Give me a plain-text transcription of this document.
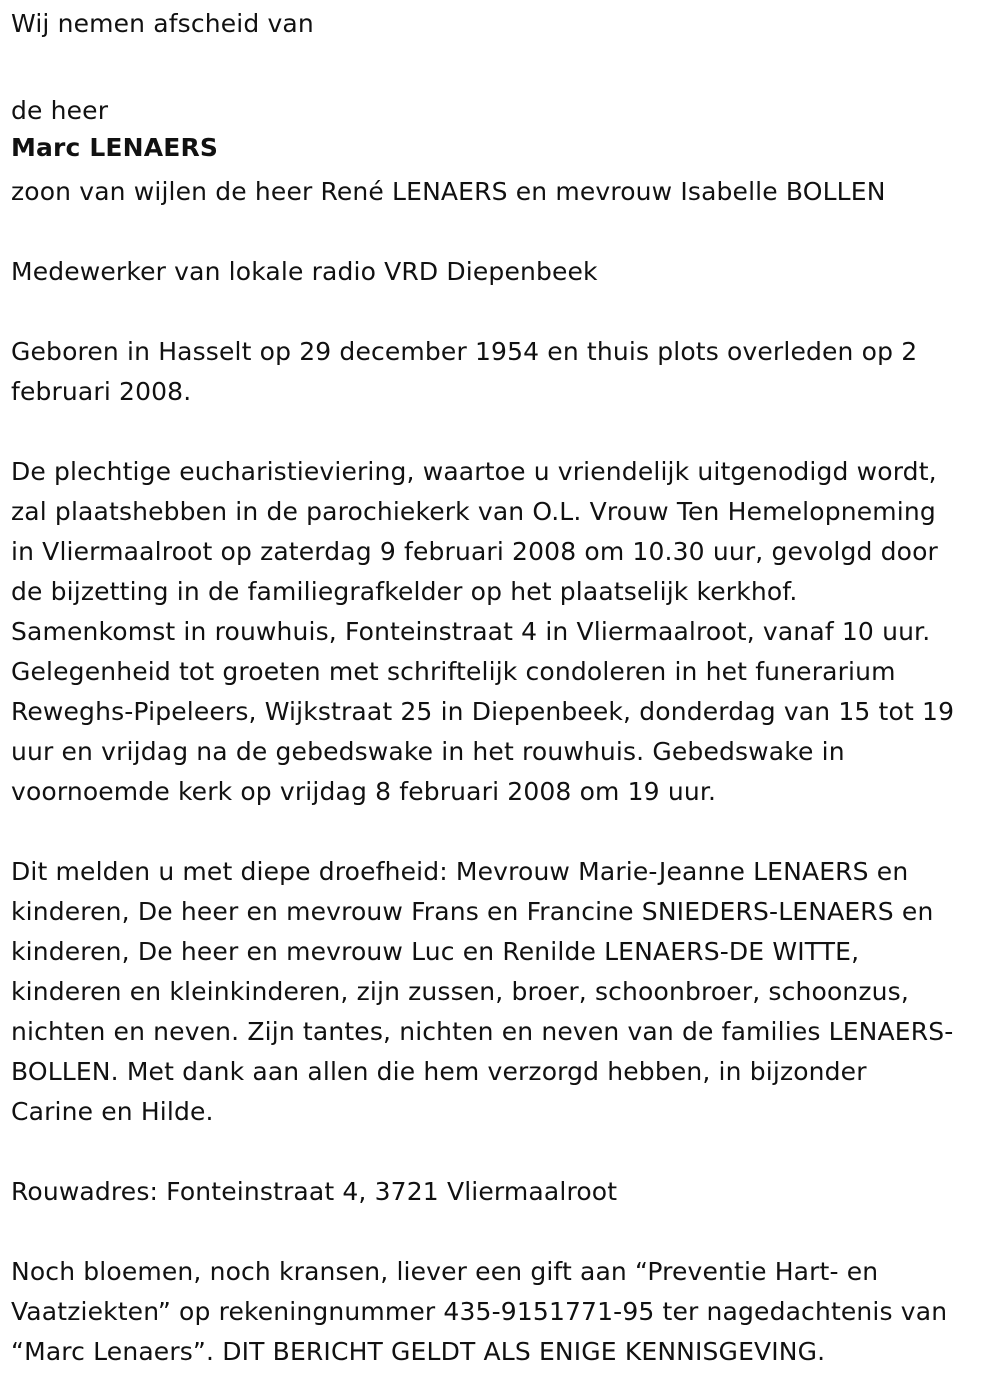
Wij nemen afscheid van
de heer
Marc LENAERS
zoon van wijlen de heer René LENAERS en mevrouw Isabelle BOLLEN
Medewerker van lokale radio VRD Diepenbeek
Geboren in Hasselt op 29 december 1954 en thuis plots overleden op 2
februari 2008.
De plechtige eucharistieviering, waartoe u vriendelijk uitgenodigd wordt,
zal plaatshebben in de parochiekerk van O.L. Vrouw Ten Hemelopneming
in Vliermaalroot op zaterdag 9 februari 2008 om 10.30 uur, gevolgd door
de bijzetting in de familiegrafkelder op het plaatselijk kerkhof.
Samenkomst in rouwhuis, Fonteinstraat 4 in Vliermaalroot, vanaf 10 uur.
Gelegenheid tot groeten met schriftelijk condoleren in het funerarium
Reweghs-Pipeleers, Wijkstraat 25 in Diepenbeek, donderdag van 15 tot 19
uur en vrijdag na de gebedswake in het rouwhuis. Gebedswake in
voornoemde kerk op vrijdag 8 februari 2008 om 19 uur.
Dit melden u met diepe droefheid: Mevrouw Marie-Jeanne LENAERS en
kinderen, De heer en mevrouw Frans en Francine SNIEDERS-LENAERS en
kinderen, De heer en mevrouw Luc en Renilde LENAERS-DE WITTE,
kinderen en kleinkinderen, zijn zussen, broer, schoonbroer, schoonzus,
nichten en neven. Zijn tantes, nichten en neven van de families LENAERS-
BOLLEN. Met dank aan allen die hem verzorgd hebben, in bijzonder
Carine en Hilde.
Rouwadres: Fonteinstraat 4, 3721 Vliermaalroot
Noch bloemen, noch kransen, liever een gift aan “Preventie Hart- en
Vaatziekten” op rekeningnummer 435-9151771-95 ter nagedachtenis van
“Marc Lenaers”. DIT BERICHT GELDT ALS ENIGE KENNISGEVING.
